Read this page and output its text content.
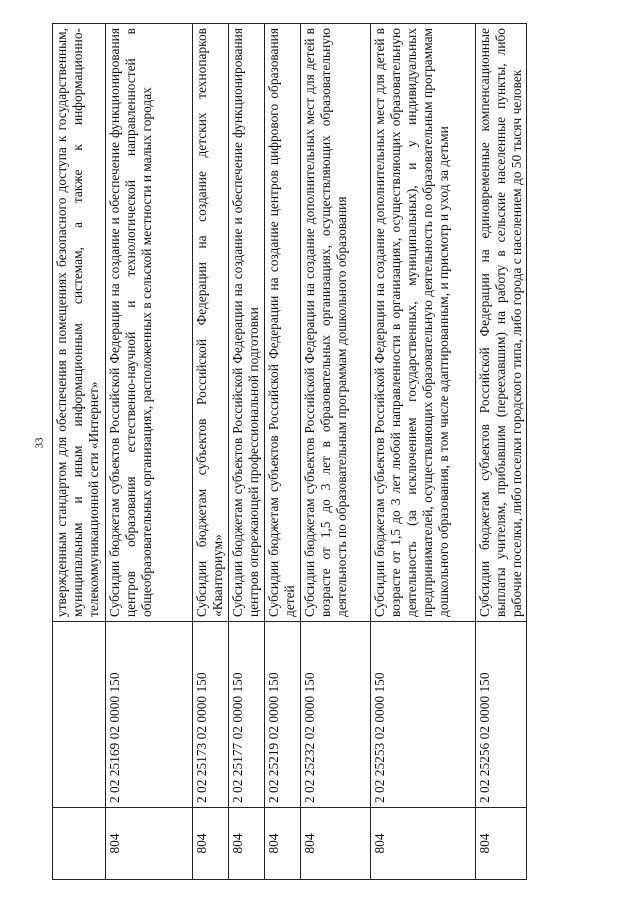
33
		утвержденным стандартом для обеспечения в помещениях безопасного доступа к государственным, муниципальным и иным информационным системам, а также к информационно-телекоммуникационной сети «Интернет»
804	2 02 25169 02 0000 150	Субсидии бюджетам субъектов Российской Федерации на создание и обеспечение функционирования центров образования естественно-научной и технологической направленностей в общеобразовательных организациях, расположенных в сельской местности и малых городах
804	2 02 25173 02 0000 150	Субсидии бюджетам субъектов Российской Федерации на создание детских технопарков «Кванториум»
804	2 02 25177 02 0000 150	Субсидии бюджетам субъектов Российской Федерации на создание и обеспечение функционирования центров опережающей профессиональной подготовки
804	2 02 25219 02 0000 150	Субсидии бюджетам субъектов Российской Федерации на создание центров цифрового образования детей
804	2 02 25232 02 0000 150	Субсидии бюджетам субъектов Российской Федерации на создание дополнительных мест для детей в возрасте от 1,5 до 3 лет в образовательных организациях, осуществляющих образовательную деятельность по образовательным программам дошкольного образования
804	2 02 25253 02 0000 150	Субсидии бюджетам субъектов Российской Федерации на создание дополнительных мест для детей в возрасте от 1,5 до 3 лет любой направленности в организациях, осуществляющих образовательную деятельность (за исключением государственных, муниципальных), и у индивидуальных предпринимателей, осуществляющих образовательную деятельность по образовательным программам дошкольного образования, в том числе адаптированным, и присмотр и уход за детьми
804	2 02 25256 02 0000 150	Субсидии бюджетам субъектов Российской Федерации на единовременные компенсационные выплаты учителям, прибывшим (переехавшим) на работу в сельские населенные пункты, либо рабочие поселки, либо поселки городского типа, либо города с населением до 50 тысяч человек
